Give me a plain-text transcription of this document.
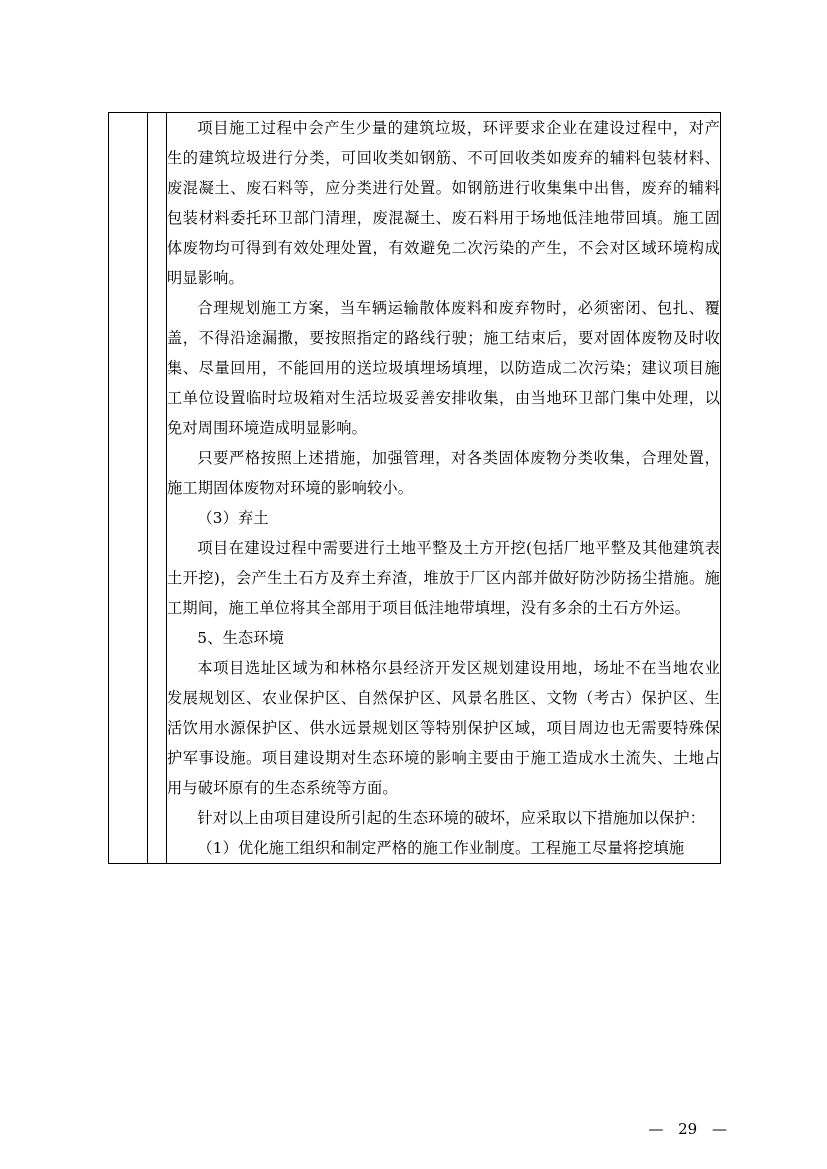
项目施工过程中会产生少量的建筑垃圾，环评要求企业在建设过程中，对产生的建筑垃圾进行分类，可回收类如钢筋、不可回收类如废弃的辅料包装材料、废混凝土、废石料等，应分类进行处置。如钢筋进行收集集中出售，废弃的辅料包装材料委托环卫部门清理，废混凝土、废石料用于场地低洼地带回填。施工固体废物均可得到有效处理处置，有效避免二次污染的产生，不会对区域环境构成明显影响。

合理规划施工方案，当车辆运输散体废料和废弃物时，必须密闭、包扎、覆盖，不得沿途漏撒，要按照指定的路线行驶；施工结束后，要对固体废物及时收集、尽量回用，不能回用的送垃圾填埋场填埋，以防造成二次污染；建议项目施工单位设置临时垃圾箱对生活垃圾妥善安排收集，由当地环卫部门集中处理，以免对周围环境造成明显影响。

只要严格按照上述措施，加强管理，对各类固体废物分类收集，合理处置，施工期固体废物对环境的影响较小。

（3）弃土

项目在建设过程中需要进行土地平整及土方开挖(包括厂地平整及其他建筑表土开挖)，会产生土石方及弃土弃渣，堆放于厂区内部并做好防沙防扬尘措施。施工期间，施工单位将其全部用于项目低洼地带填埋，没有多余的土石方外运。

5、生态环境

本项目选址区域为和林格尔县经济开发区规划建设用地，场址不在当地农业发展规划区、农业保护区、自然保护区、风景名胜区、文物（考古）保护区、生活饮用水源保护区、供水远景规划区等特别保护区域，项目周边也无需要特殊保护军事设施。项目建设期对生态环境的影响主要由于施工造成水土流失、土地占用与破坏原有的生态系统等方面。

针对以上由项目建设所引起的生态环境的破坏，应采取以下措施加以保护：

（1）优化施工组织和制定严格的施工作业制度。工程施工尽量将挖填施

— 29 —
